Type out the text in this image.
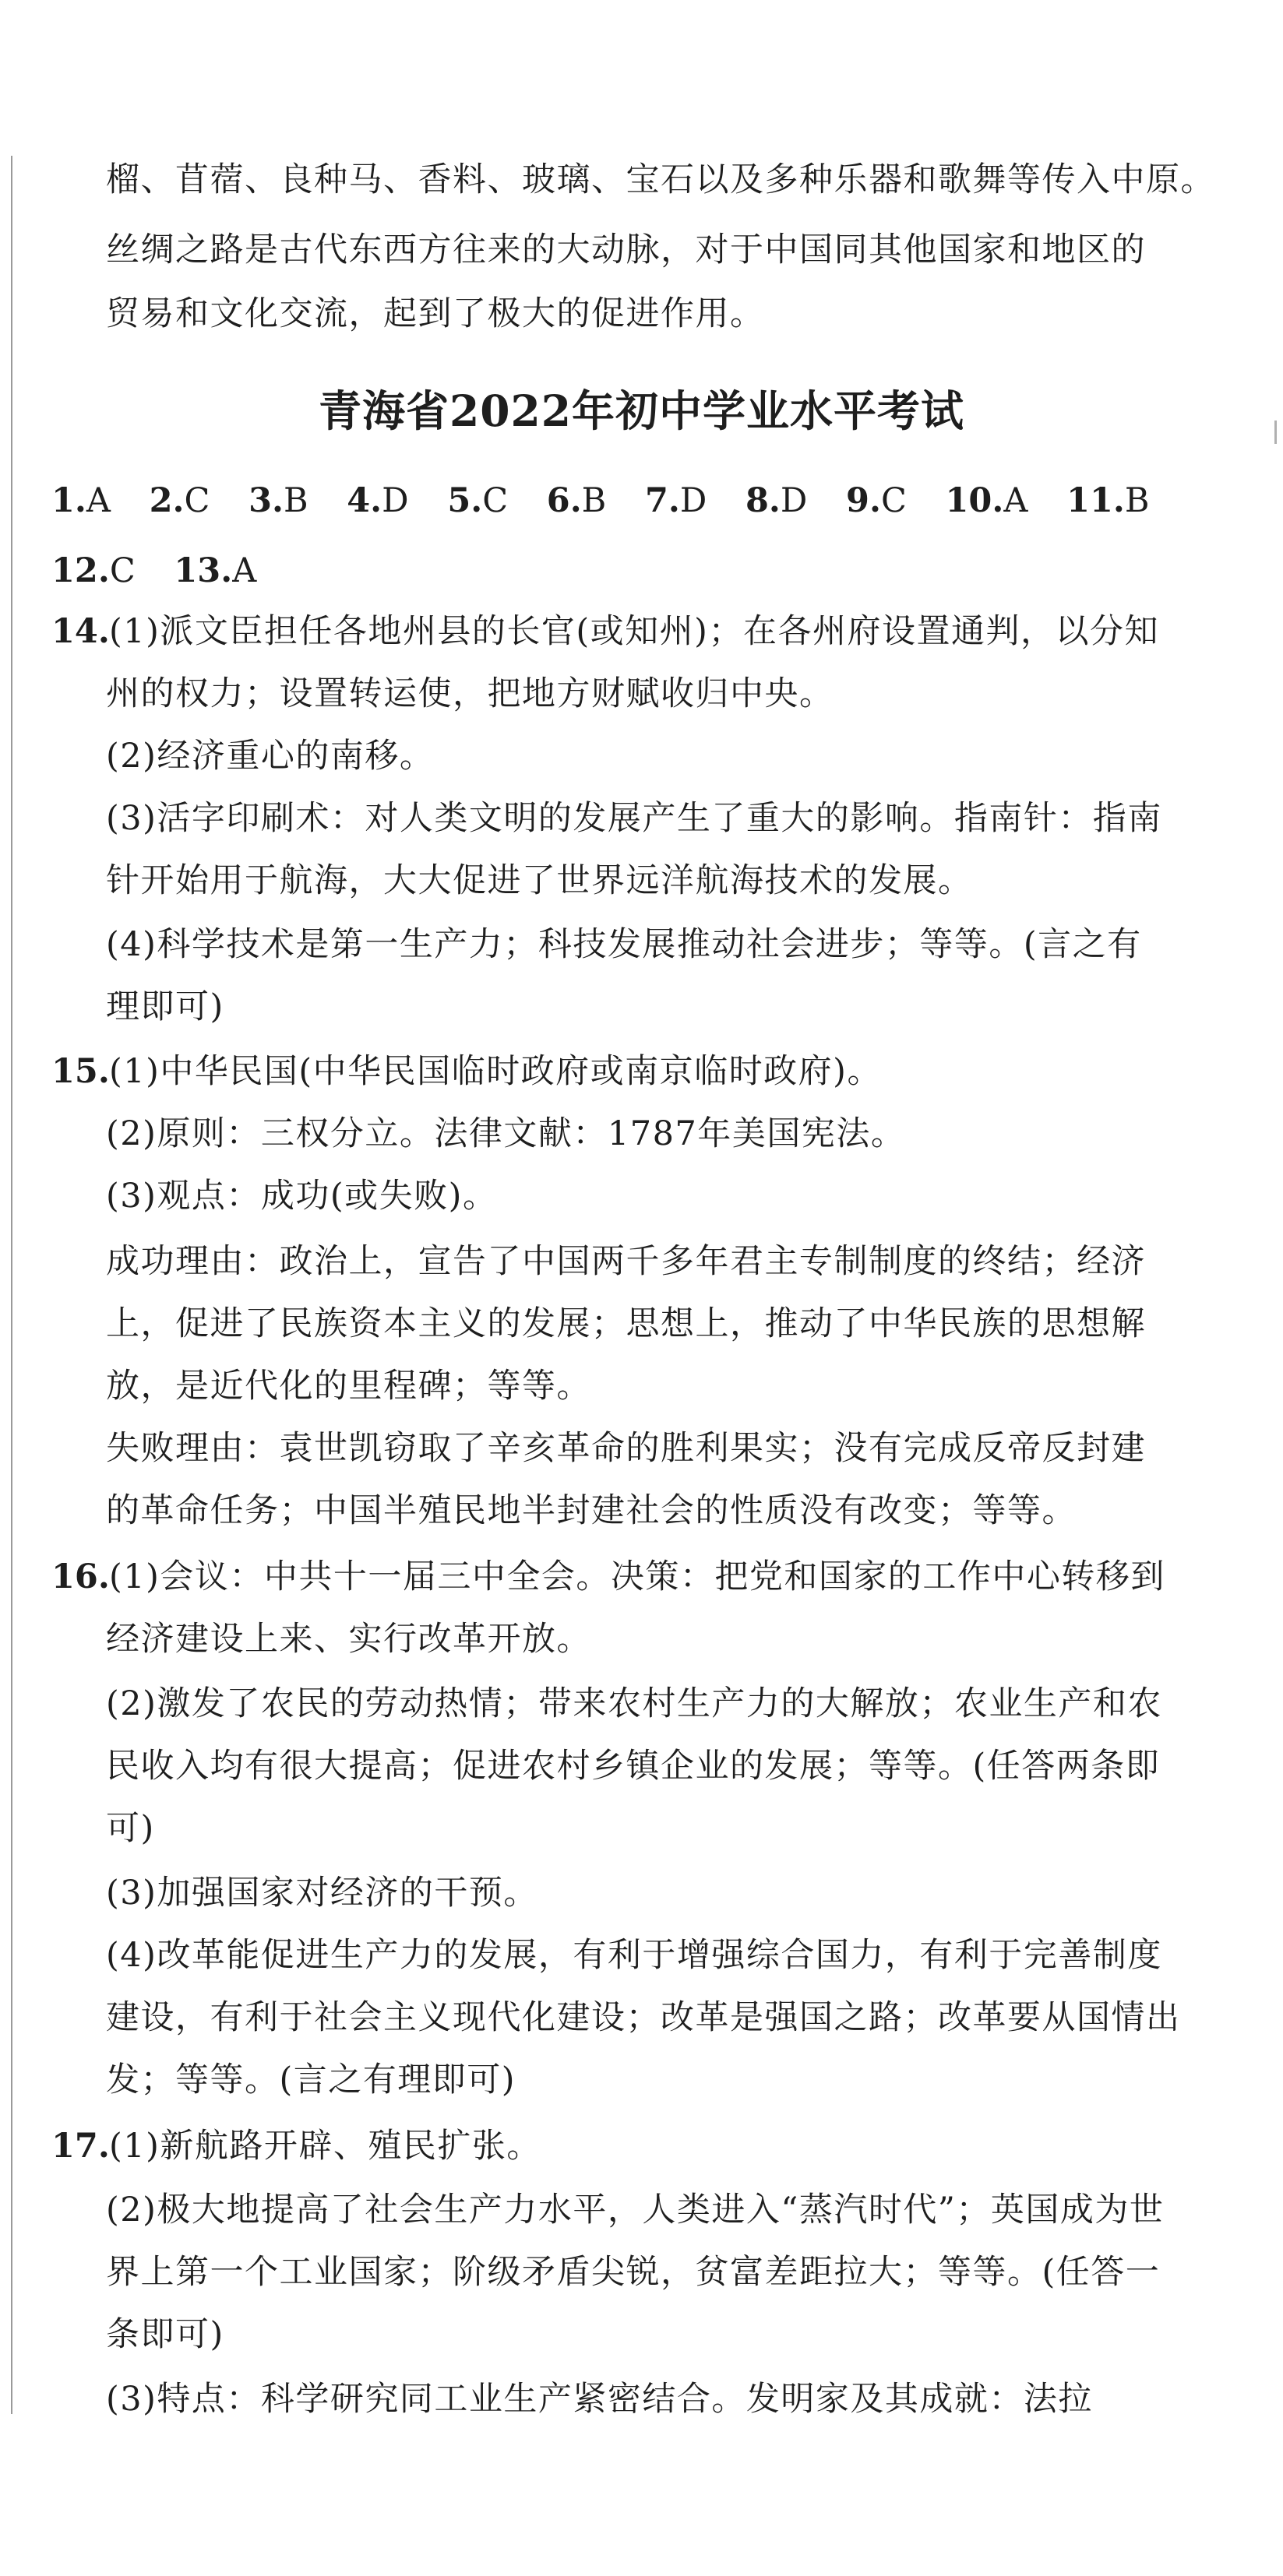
榴、苜蓿、良种马、香料、玻璃、宝石以及多种乐器和歌舞等传入中原。
丝绸之路是古代东西方往来的大动脉，对于中国同其他国家和地区的
贸易和文化交流，起到了极大的促进作用。
青海省2022年初中学业水平考试
1.A 2.C 3.B 4.D 5.C 6.B 7.D 8.D 9.C 10.A 11.B
12.C 13.A
14. (1)派文臣担任各地州县的长官(或知州)；在各州府设置通判，以分知
州的权力；设置转运使，把地方财赋收归中央。
(2)经济重心的南移。
(3)活字印刷术：对人类文明的发展产生了重大的影响。指南针：指南
针开始用于航海，大大促进了世界远洋航海技术的发展。
(4)科学技术是第一生产力；科技发展推动社会进步；等等。(言之有
理即可)
15. (1)中华民国(中华民国临时政府或南京临时政府)。
(2)原则：三权分立。法律文献：1787年美国宪法。
(3)观点：成功(或失败)。
成功理由：政治上，宣告了中国两千多年君主专制制度的终结；经济
上，促进了民族资本主义的发展；思想上，推动了中华民族的思想解
放，是近代化的里程碑；等等。
失败理由：袁世凯窃取了辛亥革命的胜利果实；没有完成反帝反封建
的革命任务；中国半殖民地半封建社会的性质没有改变；等等。
16. (1)会议：中共十一届三中全会。决策：把党和国家的工作中心转移到
经济建设上来、实行改革开放。
(2)激发了农民的劳动热情；带来农村生产力的大解放；农业生产和农
民收入均有很大提高；促进农村乡镇企业的发展；等等。(任答两条即
可)
(3)加强国家对经济的干预。
(4)改革能促进生产力的发展，有利于增强综合国力，有利于完善制度
建设，有利于社会主义现代化建设；改革是强国之路；改革要从国情出
发；等等。(言之有理即可)
17. (1)新航路开辟、殖民扩张。
(2)极大地提高了社会生产力水平，人类进入“蒸汽时代”；英国成为世
界上第一个工业国家；阶级矛盾尖锐，贫富差距拉大；等等。(任答一
条即可)
(3)特点：科学研究同工业生产紧密结合。发明家及其成就：法拉
